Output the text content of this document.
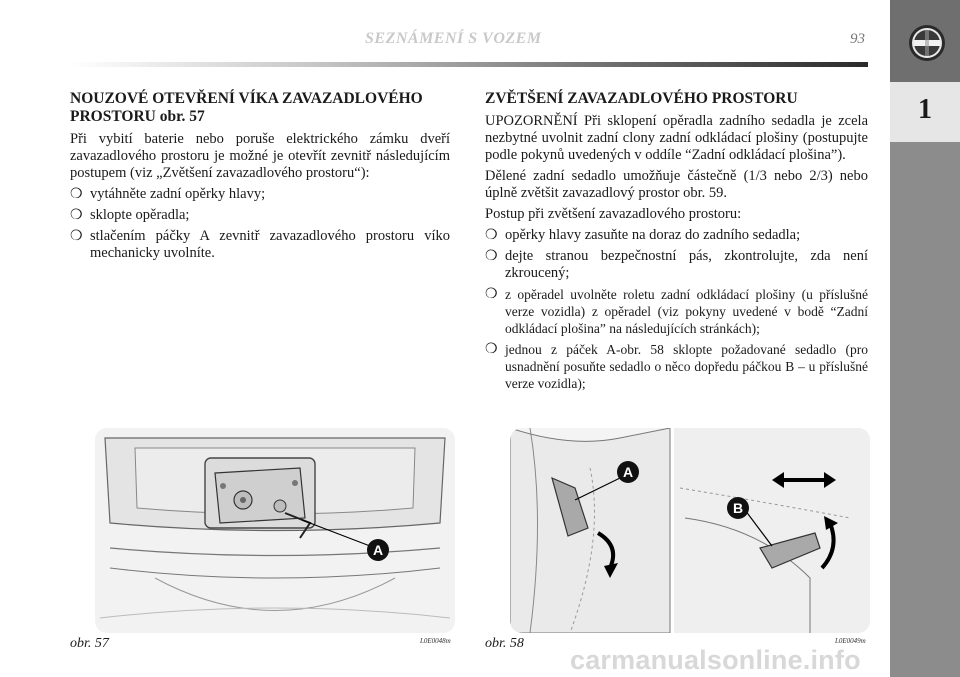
SEZNÁMENÍ S VOZEM	93
1
NOUZOVÉ OTEVŘENÍ VÍKA ZAVAZADLOVÉHO
PROSTORU obr. 57

Při vybití baterie nebo poruše elektrického zámku dveří zavazadlového prostoru je možné je otevřít zevnitř následujícím postupem (viz „Zvětšení zavazadlového prostoru“):

❍ vytáhněte zadní opěrky hlavy;
❍ sklopte opěradla;
❍ stlačením páčky A zevnitř zavazadlového prostoru víko mechanicky uvolníte.
ZVĚTŠENÍ ZAVAZADLOVÉHO PROSTORU

UPOZORNĚNÍ Při sklopení opěradla zadního sedadla je zcela nezbytné uvolnit zadní clony zadní odkládací plošiny (postupujte podle pokynů uvedených v oddíle “Zadní odkládací plošina”).

Dělené zadní sedadlo umožňuje částečně (1/3 nebo 2/3) nebo úplně zvětšit zavazadlový prostor obr. 59.

Postup při zvětšení zavazadlového prostoru:

❍ opěrky hlavy zasuňte na doraz do zadního sedadla;
❍ dejte stranou bezpečnostní pás, zkontrolujte, zda není zkroucený;
❍ z opěradel uvolněte roletu zadní odkládací plošiny (u příslušné verze vozidla) z opěradel (viz pokyny uvedené v bodě “Zadní odkládací plošina” na následujících stránkách);
❍ jednou z páček A-obr. 58 sklopte požadované sedadlo (pro usnadnění posuňte sedadlo o něco dopředu páčkou B – u příslušné verze vozidla);
A
obr. 57	L0E0048m
A
B
obr. 58	L0E0049m
carmanualsonline.info
